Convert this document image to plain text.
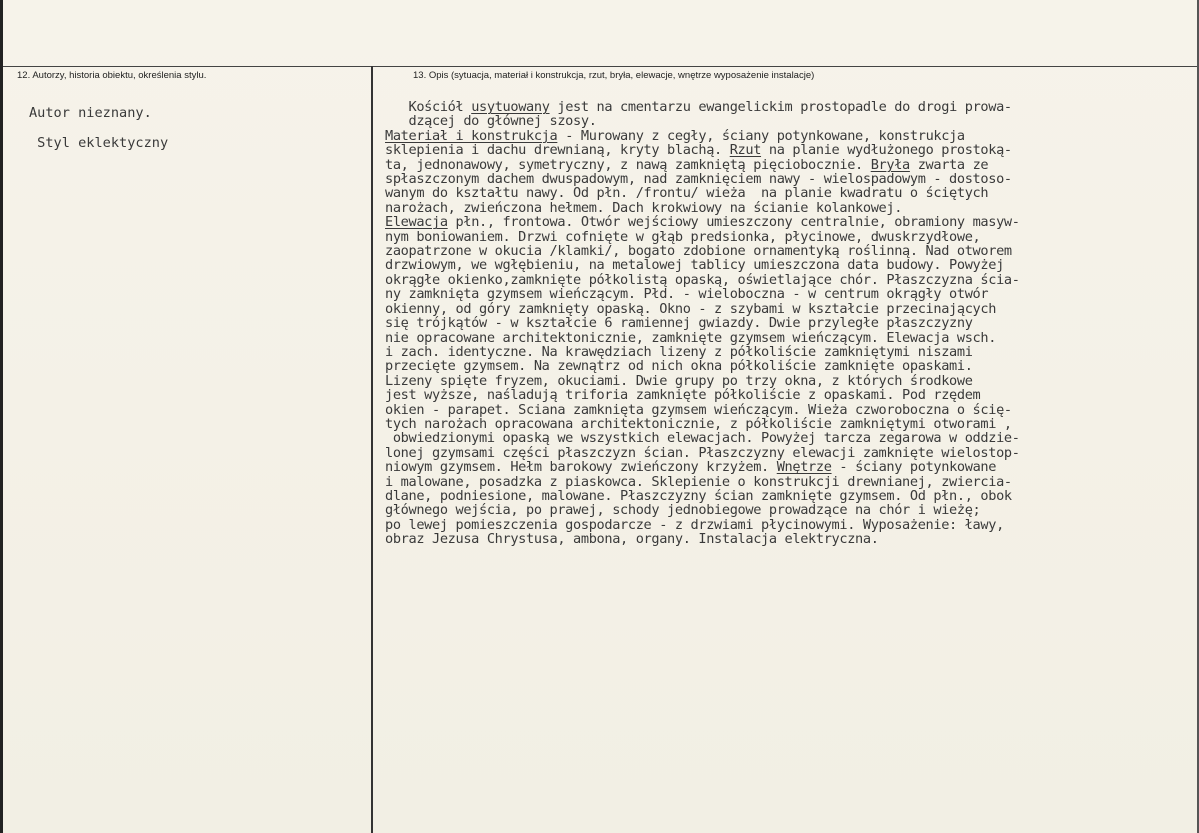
12. Autorzy, historia obiektu, określenia stylu.	13. Opis (sytuacja, materiał i konstrukcja, rzut, bryła, elewacje, wnętrze wyposażenie instalacje)
Autor nieznany.
Styl eklektyczny
Kościół usytuowany jest na cmentarzu ewangelickim prostopadle do drogi prowa-
dzącej do głównej szosy.
Materiał i konstrukcja - Murowany z cegły, ściany potynkowane, konstrukcja
sklepienia i dachu drewnianą, kryty blachą. Rzut na planie wydłużonego prostoką-
ta, jednonawowy, symetryczny, z nawą zamkniętą pięciobocznie. Bryła zwarta ze
spłaszczonym dachem dwuspadowym, nad zamknięciem nawy - wielospadowym - dostoso-
wanym do kształtu nawy. Od płn. /frontu/ wieża  na planie kwadratu o ściętych
narożach, zwieńczona hełmem. Dach krokwiowy na ścianie kolankowej.
Elewacja płn., frontowa. Otwór wejściowy umieszczony centralnie, obramiony masyw-
nym boniowaniem. Drzwi cofnięte w głąb predsionka, płycinowe, dwuskrzydłowe,
zaopatrzone w okucia /klamki/, bogato zdobione ornamentyką roślinną. Nad otworem
drzwiowym, we wgłębieniu, na metalowej tablicy umieszczona data budowy. Powyżej
okrągłe okienko,zamknięte półkolistą opaską, oświetlające chór. Płaszczyzna ścia-
ny zamknięta gzymsem wieńczącym. Płd. - wieloboczna - w centrum okrągły otwór
okienny, od góry zamknięty opaską. Okno - z szybami w kształcie przecinających
się trójkątów - w kształcie 6 ramiennej gwiazdy. Dwie przyległe płaszczyzny
nie opracowane architektonicznie, zamknięte gzymsem wieńczącym. Elewacja wsch.
i zach. identyczne. Na krawędziach lizeny z półkoliście zamkniętymi niszami
przecięte gzymsem. Na zewnątrz od nich okna półkoliście zamknięte opaskami.
Lizeny spięte fryzem, okuciami. Dwie grupy po trzy okna, z których środkowe
jest wyższe, naśladują triforia zamknięte półkoliście z opaskami. Pod rzędem
okien - parapet. Ściana zamknięta gzymsem wieńczącym. Wieża czworoboczna o ścię-
tych narożach opracowana architektonicznie, z półkoliście zamkniętymi otworami ,
obwiedzionymi opaską we wszystkich elewacjach. Powyżej tarcza zegarowa w oddzie-
lonej gzymsami części płaszczyzn ścian. Płaszczyzny elewacji zamknięte wielostop-
niowym gzymsem. Hełm barokowy zwieńczony krzyżem. Wnętrze - ściany potynkowane
i malowane, posadzka z piaskowca. Sklepienie o konstrukcji drewnianej, zwiercia-
dlane, podniesione, malowane. Płaszczyzny ścian zamknięte gzymsem. Od płn., obok
głównego wejścia, po prawej, schody jednobiegowe prowadzące na chór i wieżę;
po lewej pomieszczenia gospodarcze - z drzwiami płycinowymi. Wyposażenie: ławy,
obraz Jezusa Chrystusa, ambona, organy. Instalacja elektryczna.
